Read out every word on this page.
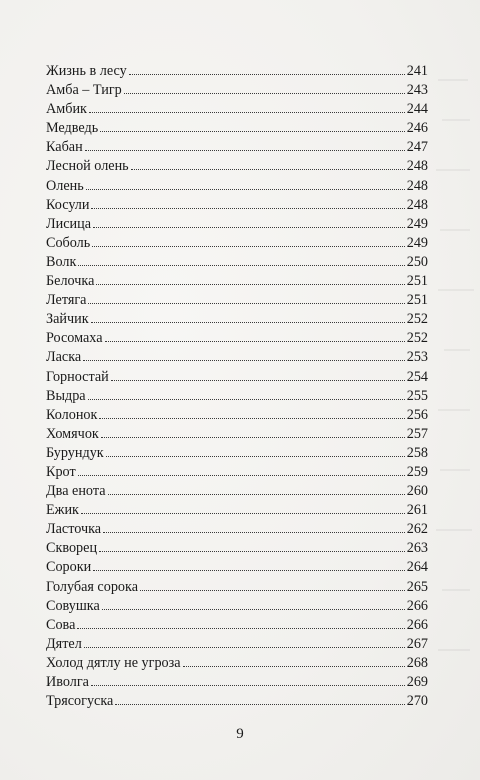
Жизнь в лесу	241
Амба – Тигр	243
Амбик	244
Медведь	246
Кабан	247
Лесной олень	248
Олень	248
Косули	248
Лисица	249
Соболь	249
Волк	250
Белочка	251
Летяга	251
Зайчик	252
Росомаха	252
Ласка	253
Горностай	254
Выдра	255
Колонок	256
Хомячок	257
Бурундук	258
Крот	259
Два енота	260
Ежик	261
Ласточка	262
Скворец	263
Сороки	264
Голубая сорока	265
Совушка	266
Сова	266
Дятел	267
Холод дятлу не угроза	268
Иволга	269
Трясогуска	270
9
